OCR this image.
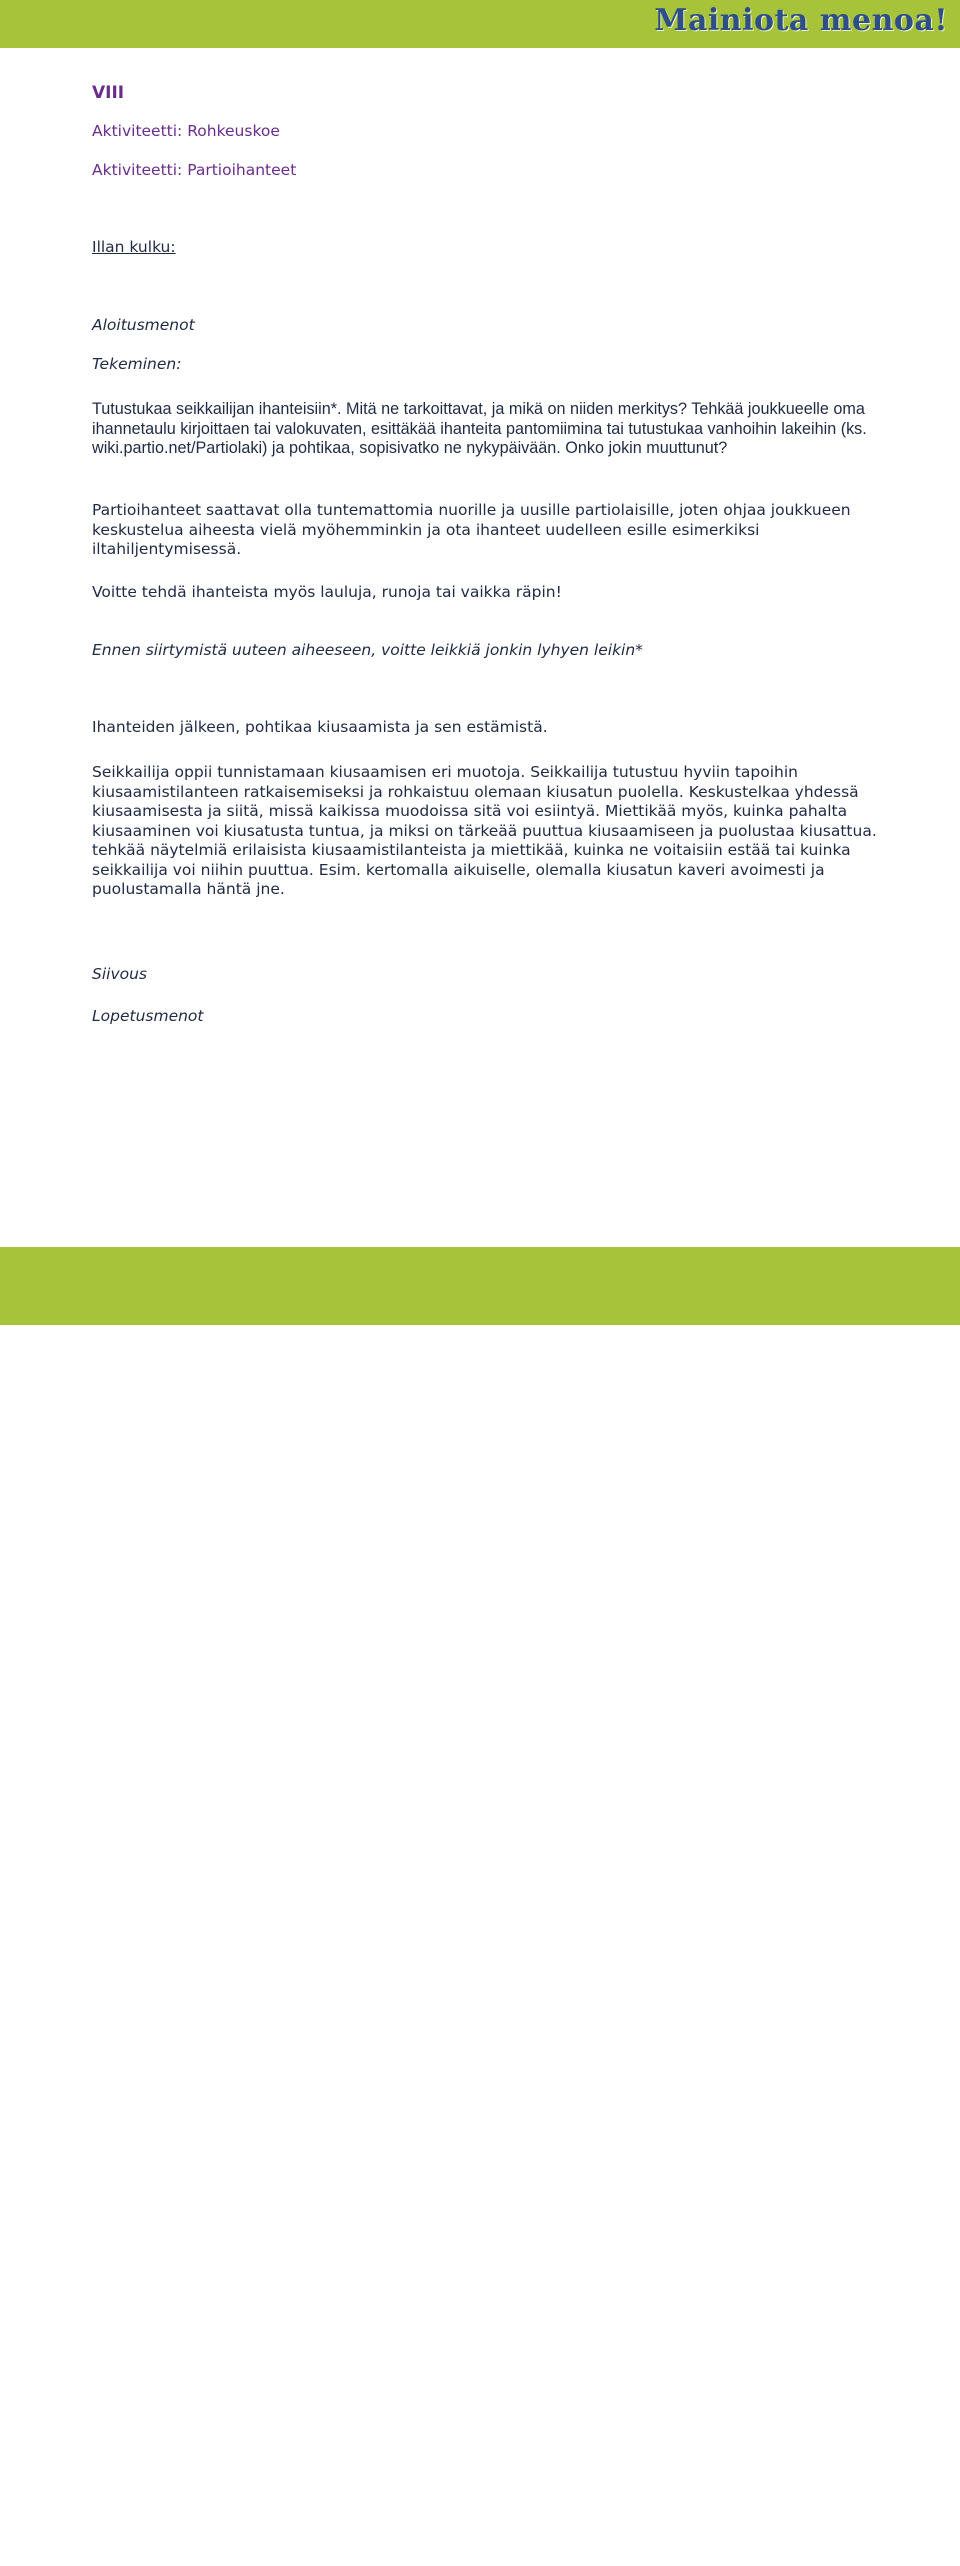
Mainiota menoa!
VIII
Aktiviteetti: Rohkeuskoe
Aktiviteetti: Partioihanteet
Illan kulku:
Aloitusmenot
Tekeminen:

Tutustukaa seikkailijan ihanteisiin*. Mitä ne tarkoittavat, ja mikä on niiden merkitys? Tehkää joukkueelle oma ihannetaulu kirjoittaen tai valokuvaten, esittäkää ihanteita pantomiimina tai tutustukaa vanhoihin lakeihin (ks. wiki.partio.net/Partiolaki) ja pohtikaa, sopisivatko ne nykypäivään. Onko jokin muuttunut?

Partioihanteet saattavat olla tuntemattomia nuorille ja uusille partiolaisille, joten ohjaa joukkueen keskustelua aiheesta vielä myöhemminkin ja ota ihanteet uudelleen esille esimerkiksi iltahiljentymisessä.

Voitte tehdä ihanteista myös lauluja, runoja tai vaikka räpin!

Ennen siirtymistä uuteen aiheeseen, voitte leikkiä jonkin lyhyen leikin*

Ihanteiden jälkeen, pohtikaa kiusaamista ja sen estämistä.

Seikkailija oppii tunnistamaan kiusaamisen eri muotoja. Seikkailija tutustuu hyviin tapoihin kiusaamistilanteen ratkaisemiseksi ja rohkaistuu olemaan kiusatun puolella. Keskustelkaa yhdessä kiusaamisesta ja siitä, missä kaikissa muodoissa sitä voi esiintyä. Miettikää myös, kuinka pahalta kiusaaminen voi kiusatusta tuntua, ja miksi on tärkeää puuttua kiusaamiseen ja puolustaa kiusattua. tehkää näytelmiä erilaisista kiusaamistilanteista ja miettikää, kuinka ne voitaisiin estää tai kuinka seikkailija voi niihin puuttua. Esim. kertomalla aikuiselle, olemalla kiusatun kaveri avoimesti ja puolustamalla häntä jne.

Siivous
Lopetusmenot
POHJANMAAN PARTIOLAISET
P PARTIO
scout
